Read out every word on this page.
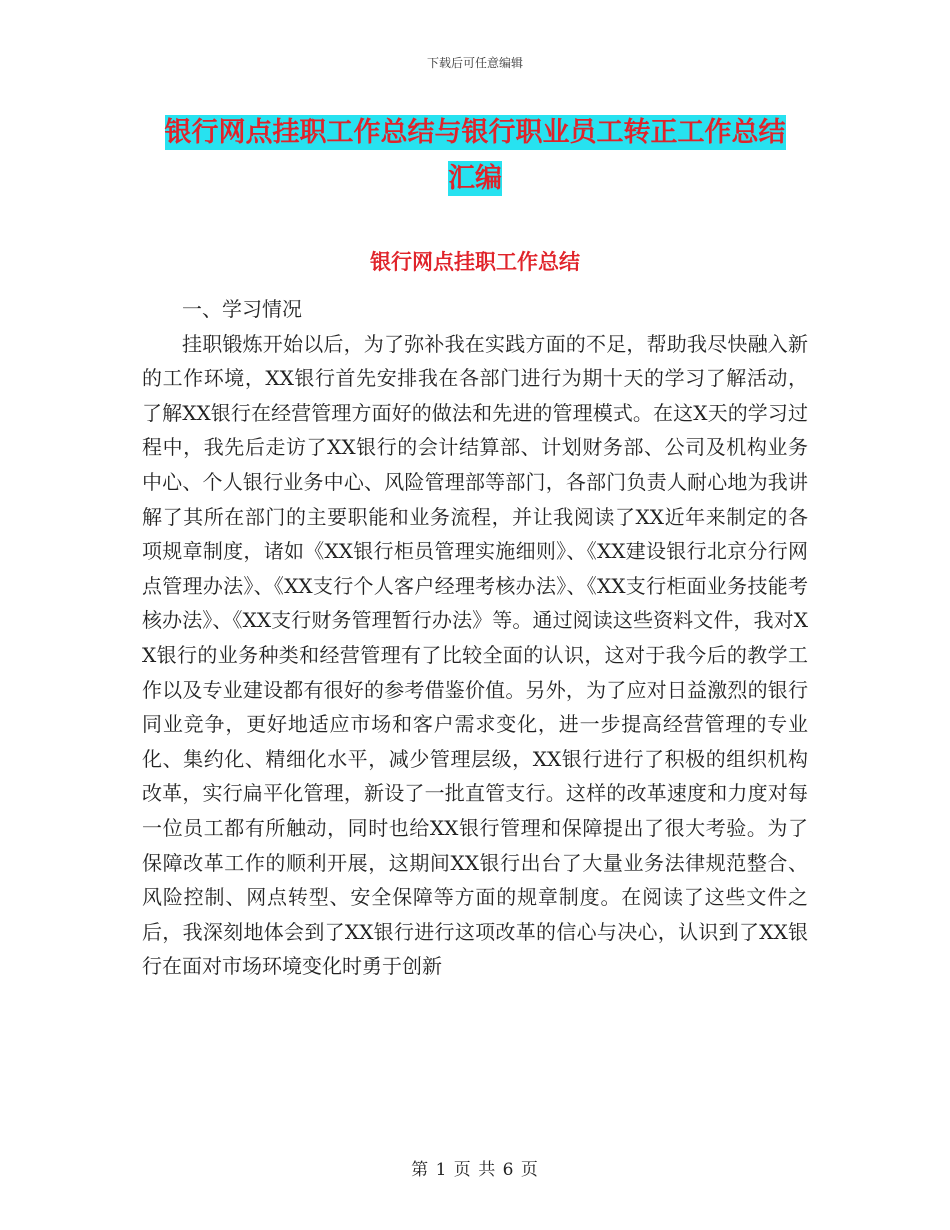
下载后可任意编辑
银行网点挂职工作总结与银行职业员工转正工作总结
汇编
银行网点挂职工作总结

一、学习情况

挂职锻炼开始以后，为了弥补我在实践方面的不足，帮助我尽快融入新的工作环境，XX银行首先安排我在各部门进行为期十天的学习了解活动，了解XX银行在经营管理方面好的做法和先进的管理模式。在这X天的学习过程中，我先后走访了XX银行的会计结算部、计划财务部、公司及机构业务中心、个人银行业务中心、风险管理部等部门，各部门负责人耐心地为我讲解了其所在部门的主要职能和业务流程，并让我阅读了XX近年来制定的各项规章制度，诸如《XX银行柜员管理实施细则》、《XX建设银行北京分行网点管理办法》、《XX支行个人客户经理考核办法》、《XX支行柜面业务技能考核办法》、《XX支行财务管理暂行办法》等。通过阅读这些资料文件，我对XX银行的业务种类和经营管理有了比较全面的认识，这对于我今后的教学工作以及专业建设都有很好的参考借鉴价值。另外，为了应对日益激烈的银行同业竞争，更好地适应市场和客户需求变化，进一步提高经营管理的专业化、集约化、精细化水平，减少管理层级，XX银行进行了积极的组织机构改革，实行扁平化管理，新设了一批直管支行。这样的改革速度和力度对每一位员工都有所触动，同时也给XX银行管理和保障提出了很大考验。为了保障改革工作的顺利开展，这期间XX银行出台了大量业务法律规范整合、风险控制、网点转型、安全保障等方面的规章制度。在阅读了这些文件之后，我深刻地体会到了XX银行进行这项改革的信心与决心，认识到了XX银行在面对市场环境变化时勇于创新

第 1 页 共 6 页
